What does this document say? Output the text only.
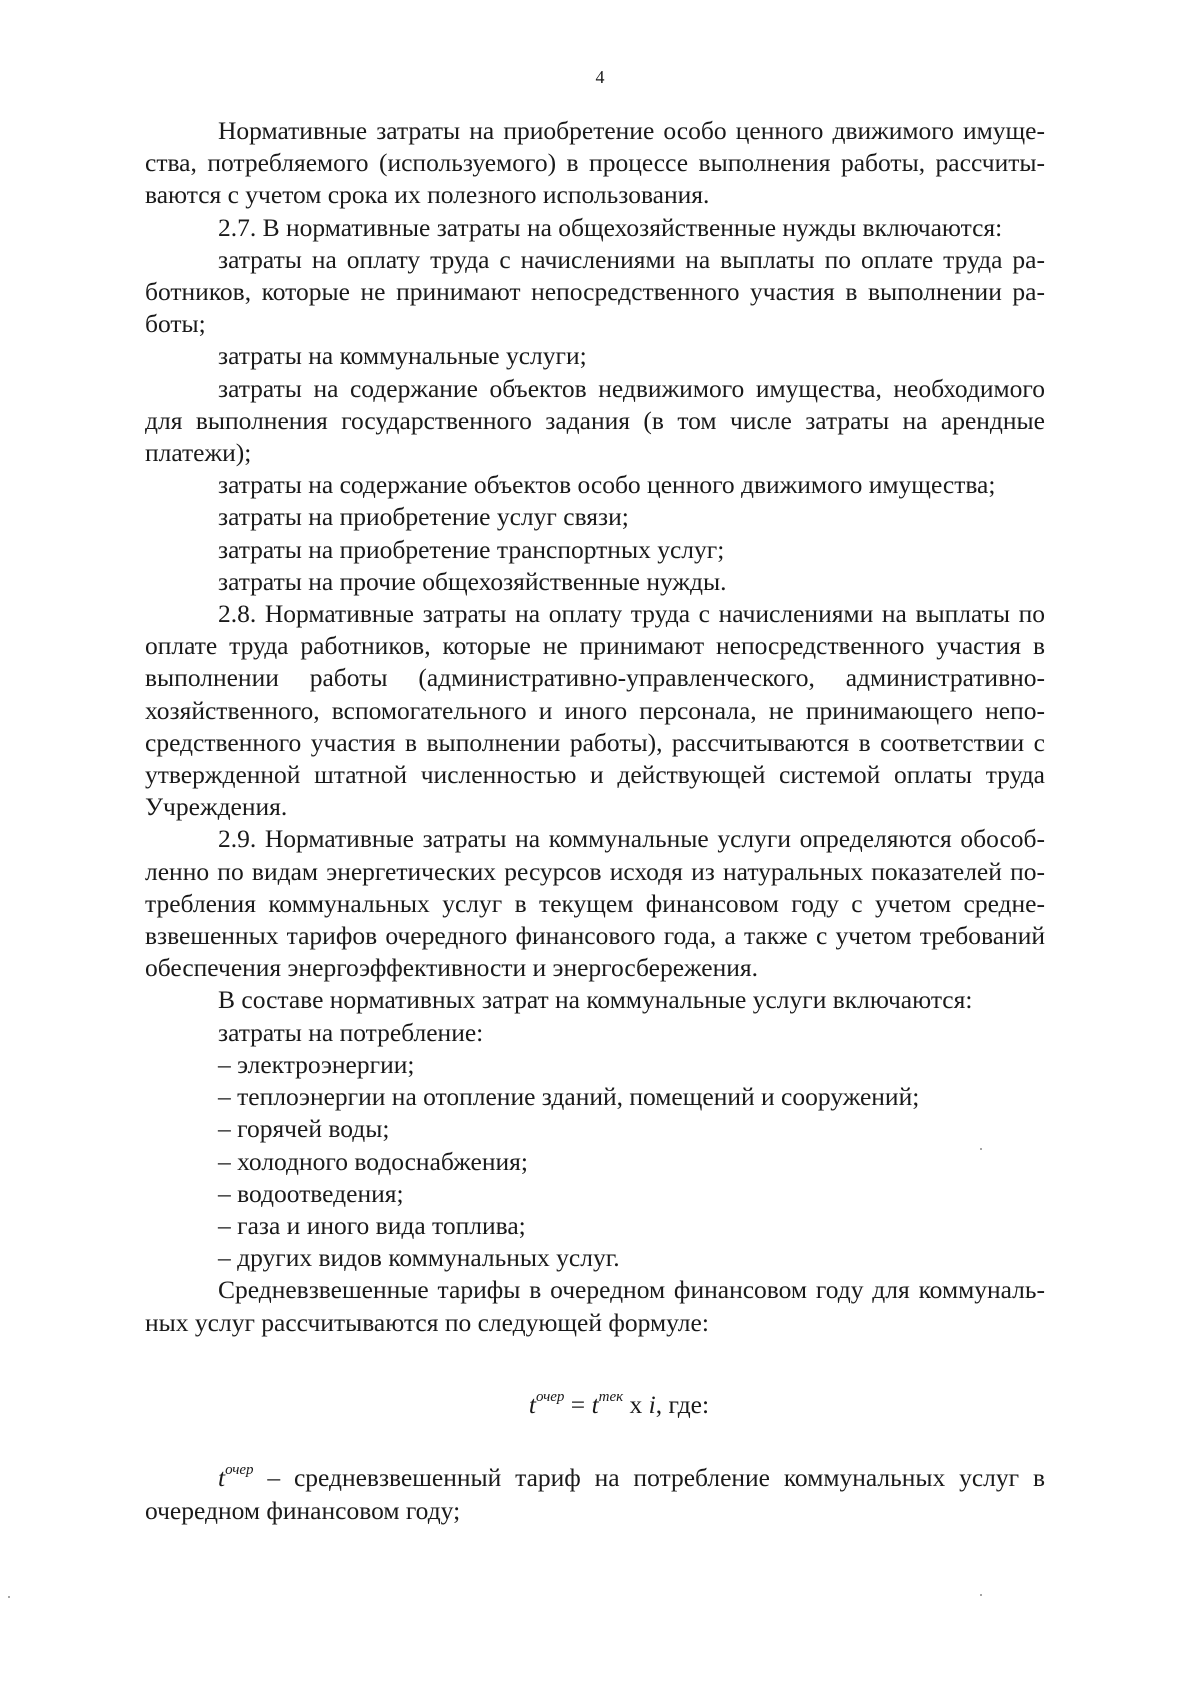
4
Нормативные затраты на приобретение особо ценного движимого имуще-
ства, потребляемого (используемого) в процессе выполнения работы, рассчиты-
ваются с учетом срока их полезного использования.
2.7. В нормативные затраты на общехозяйственные нужды включаются:
затраты на оплату труда с начислениями на выплаты по оплате труда ра-
ботников, которые не принимают непосредственного участия в выполнении ра-
боты;
затраты на коммунальные услуги;
затраты на содержание объектов недвижимого имущества, необходимого
для выполнения государственного задания (в том числе затраты на арендные
платежи);
затраты на содержание объектов особо ценного движимого имущества;
затраты на приобретение услуг связи;
затраты на приобретение транспортных услуг;
затраты на прочие общехозяйственные нужды.
2.8. Нормативные затраты на оплату труда с начислениями на выплаты по
оплате труда работников, которые не принимают непосредственного участия в
выполнении работы (административно-управленческого, административно-
хозяйственного, вспомогательного и иного персонала, не принимающего непо-
средственного участия в выполнении работы), рассчитываются в соответствии с
утвержденной штатной численностью и действующей системой оплаты труда
Учреждения.
2.9. Нормативные затраты на коммунальные услуги определяются обособ-
ленно по видам энергетических ресурсов исходя из натуральных показателей по-
требления коммунальных услуг в текущем финансовом году с учетом средне-
взвешенных тарифов очередного финансового года, а также с учетом требований
обеспечения энергоэффективности и энергосбережения.
В составе нормативных затрат на коммунальные услуги включаются:
затраты на потребление:
– электроэнергии;
– теплоэнергии на отопление зданий, помещений и сооружений;
– горячей воды;
– холодного водоснабжения;
– водоотведения;
– газа и иного вида топлива;
– других видов коммунальных услуг.
Средневзвешенные тарифы в очередном финансовом году для коммуналь-
ных услуг рассчитываются по следующей формуле:
$t^{очер} = t^{тек}$ x i, где:
$t^{очер}$ – средневзвешенный тариф на потребление коммунальных услуг в
очередном финансовом году;
